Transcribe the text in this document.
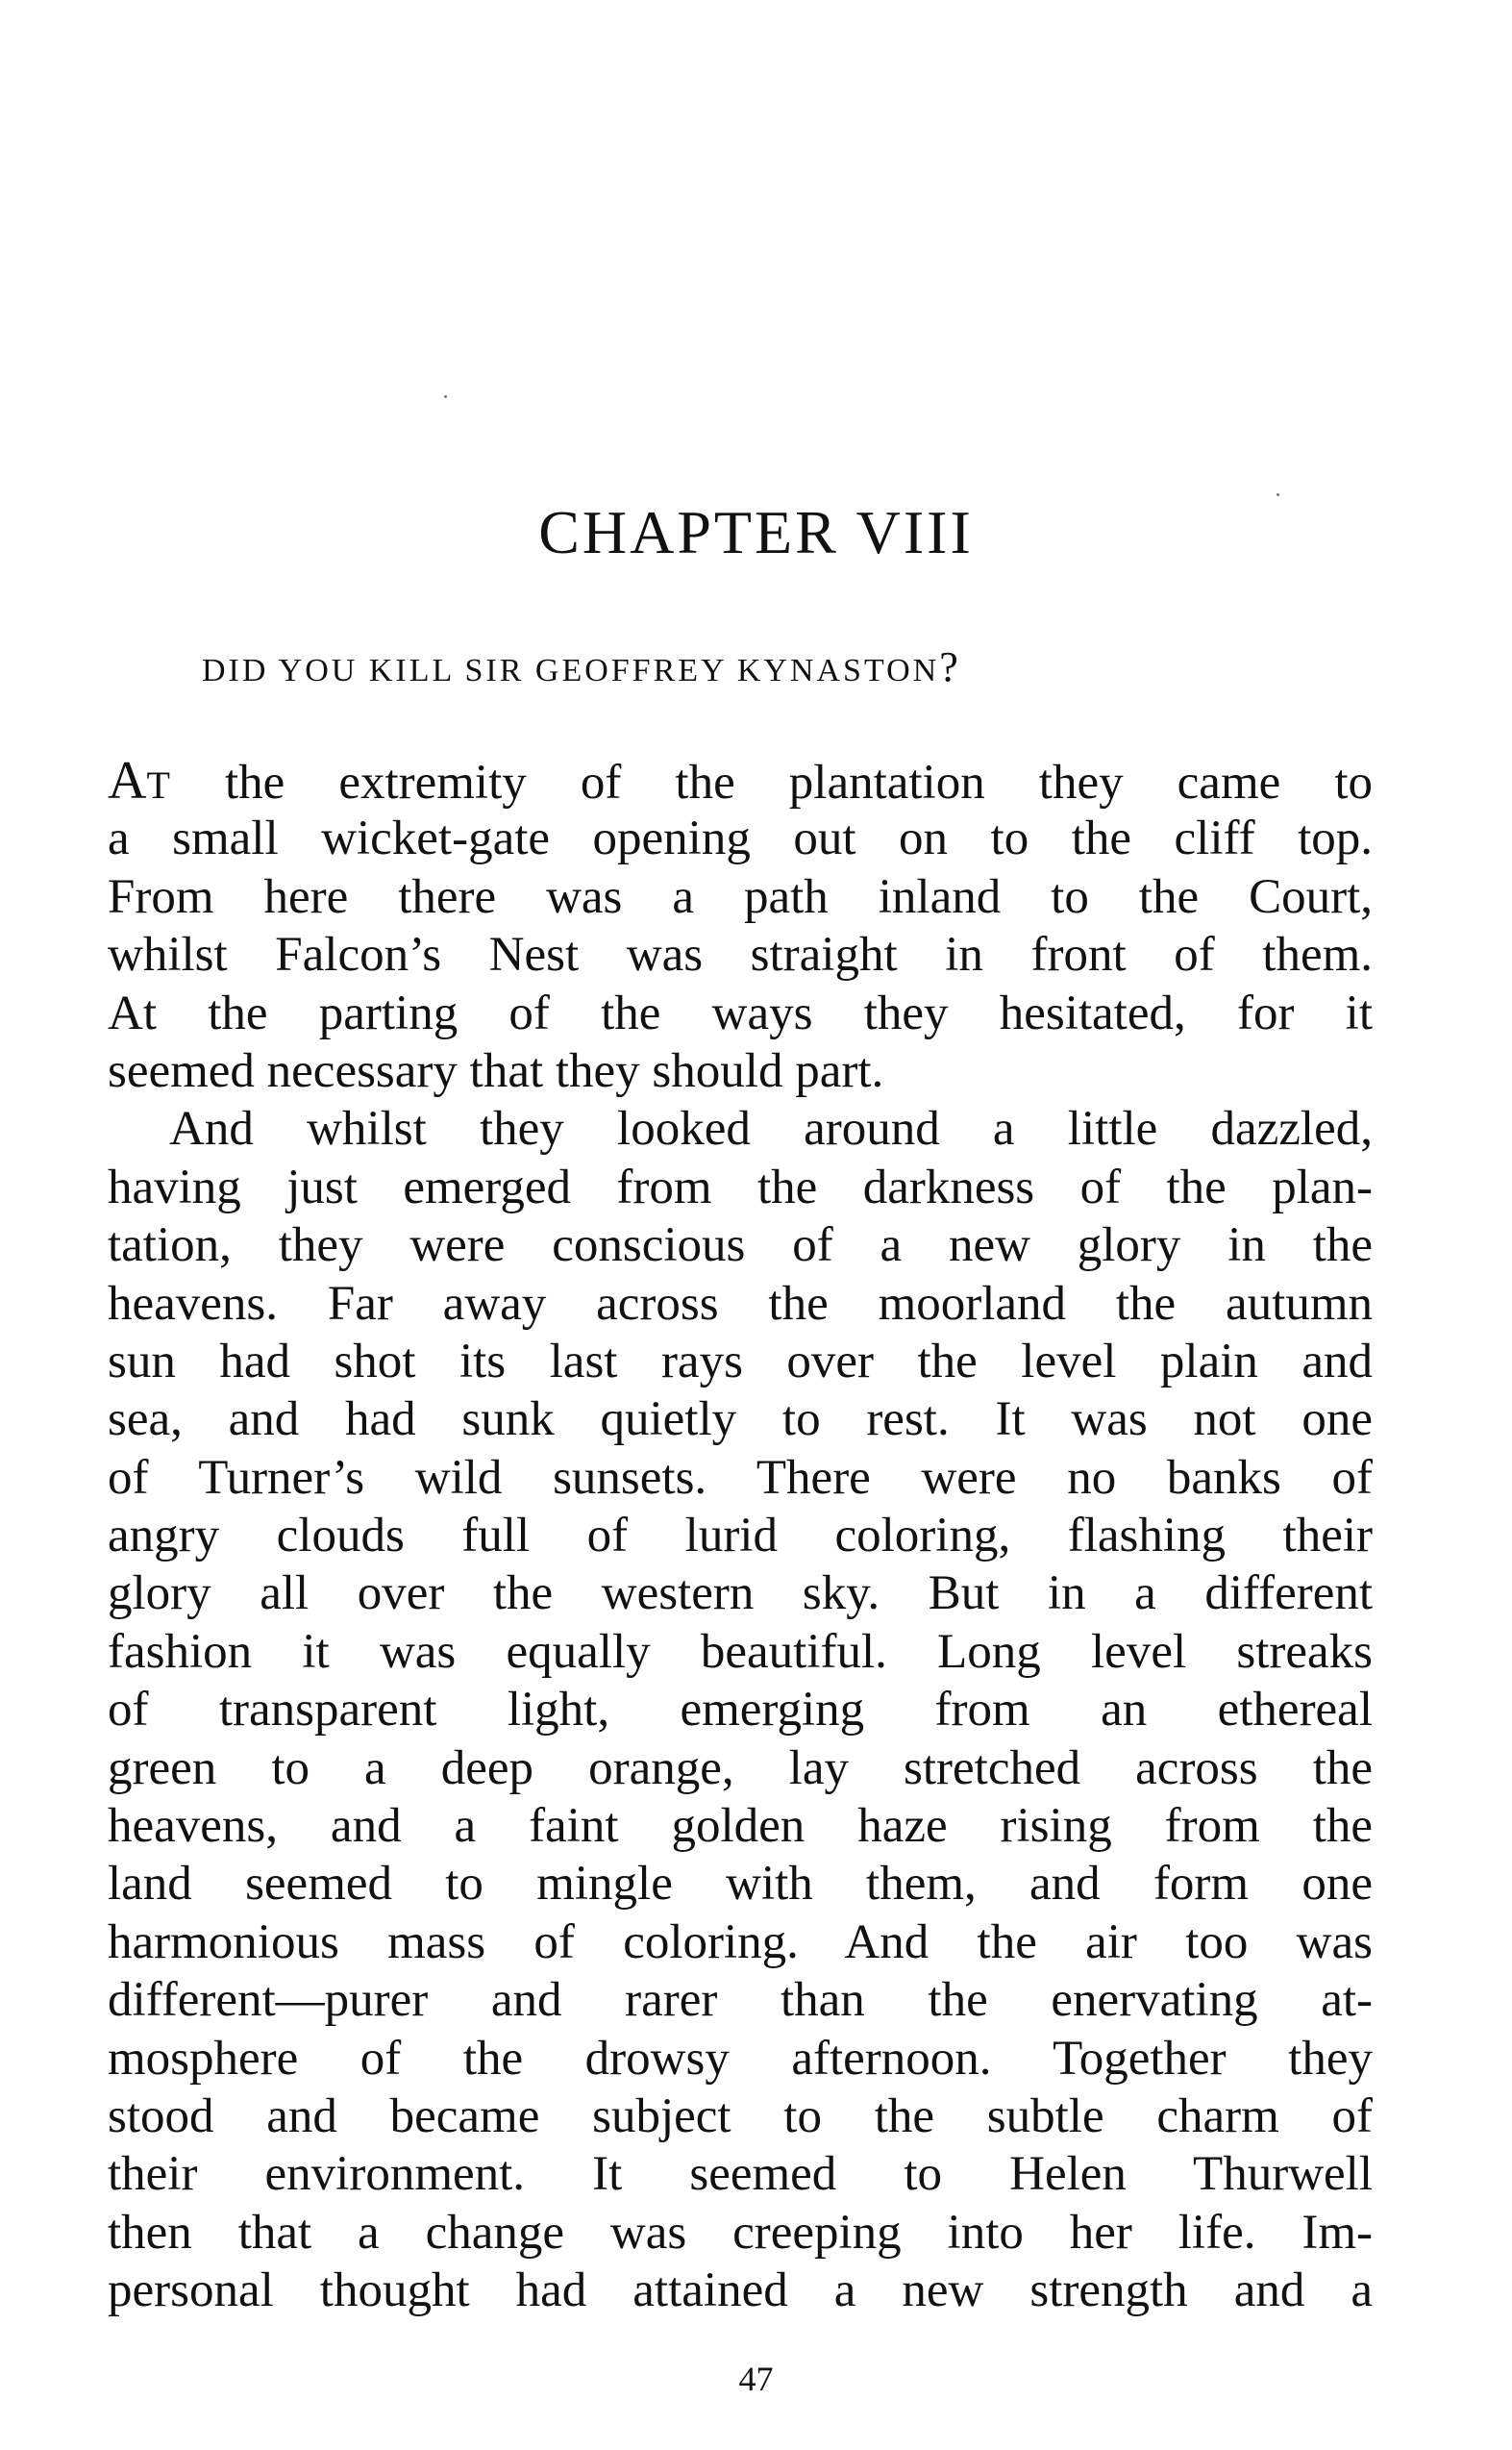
CHAPTER VIII
DID YOU KILL SIR GEOFFREY KYNASTON?
AT the extremity of the plantation they came to
a small wicket-gate opening out on to the cliff top.
From here there was a path inland to the Court,
whilst Falcon’s Nest was straight in front of them.
At the parting of the ways they hesitated, for it
seemed necessary that they should part.
And whilst they looked around a little dazzled,
having just emerged from the darkness of the plan-
tation, they were conscious of a new glory in the
heavens. Far away across the moorland the autumn
sun had shot its last rays over the level plain and
sea, and had sunk quietly to rest. It was not one
of Turner’s wild sunsets. There were no banks of
angry clouds full of lurid coloring, flashing their
glory all over the western sky. But in a different
fashion it was equally beautiful. Long level streaks
of transparent light, emerging from an ethereal
green to a deep orange, lay stretched across the
heavens, and a faint golden haze rising from the
land seemed to mingle with them, and form one
harmonious mass of coloring. And the air too was
different—purer and rarer than the enervating at-
mosphere of the drowsy afternoon. Together they
stood and became subject to the subtle charm of
their environment. It seemed to Helen Thurwell
then that a change was creeping into her life. Im-
personal thought had attained a new strength and a
47
